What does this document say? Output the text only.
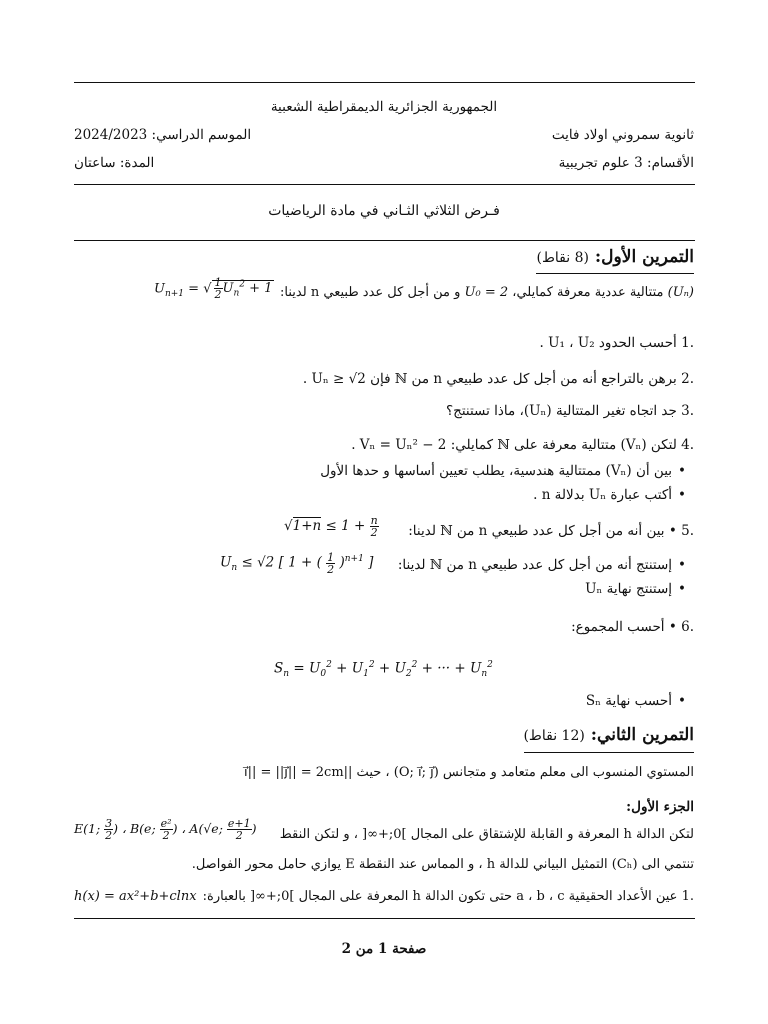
الجمهورية الجزائرية الديمقراطية الشعبية
ثانوية سمروني اولاد فايت
الموسم الدراسي: 2024/2023
الأقسام: 3 علوم تجريبية
المدة: ساعتان
فـرض الثلاثي الثـاني في مادة الرياضيات
التمرين الأول: (8 نقاط)
(Uₙ) متتالية عددية معرفة كمايلي، U₀ = 2 و من أجل كل عدد طبيعي n لدينا:
$U_{n+1}$ = √ $\frac{1}{2} U_n^2 + 1$
.1 أحسب الحدود U₁ ، U₂ .
.2 برهن بالتراجع أنه من أجل كل عدد طبيعي n من ℕ فإن Uₙ ≥ √2 .
.3 جد اتجاه تغير المتتالية (Uₙ)، ماذا تستنتج؟
.4 لتكن (Vₙ) متتالية معرفة على ℕ كمايلي: Vₙ = Uₙ² − 2 .
• بين أن (Vₙ) ممتتالية هندسية، يطلب تعيين أساسها و حدها الأول
• أكتب عبارة Uₙ بدلالة n .
.5 • بين أنه من أجل كل عدد طبيعي n من ℕ لدينا:
$√1+n \le 1 + \frac{n}{2}$
• إستنتج أنه من أجل كل عدد طبيعي n من ℕ لدينا:
$U_n \le √2$ [ 1 + ( $\frac{1}{2} )^{n+1}$ ]
• إستنتج نهاية Uₙ
.6 • أحسب المجموع:
$S_n = U_0^2 + U_1^2 + U_2^2$ + ··· + $U_n^2$
• أحسب نهاية Sₙ
التمرين الثاني: (12 نقاط)
المستوي المنسوب الى معلم متعامد و متجانس (O; i⃗; j⃗) ، حيث ||i⃗|| = ||j⃗|| = 2cm
الجزء الأول:
لتكن الدالة h المعرفة و القابلة للإشتقاق على المجال ]0;+∞[ ، و لتكن النقط
E(1; $\frac{3}{2}$ ) ، B(e; $\frac{\text{e²}}{2}$ ) ، A(√e; $\frac{e+1}{2}$ )
تنتمي الى (Cₕ) التمثيل البياني للدالة h ، و المماس عند النقطة E يوازي حامل محور الفواصل.
.1 عين الأعداد الحقيقية a ، b ، c حتى تكون الدالة h المعرفة على المجال ]0;+∞[ بالعبارة:
h(x) = ax²+b+clnx
صفحة 1 من 2
